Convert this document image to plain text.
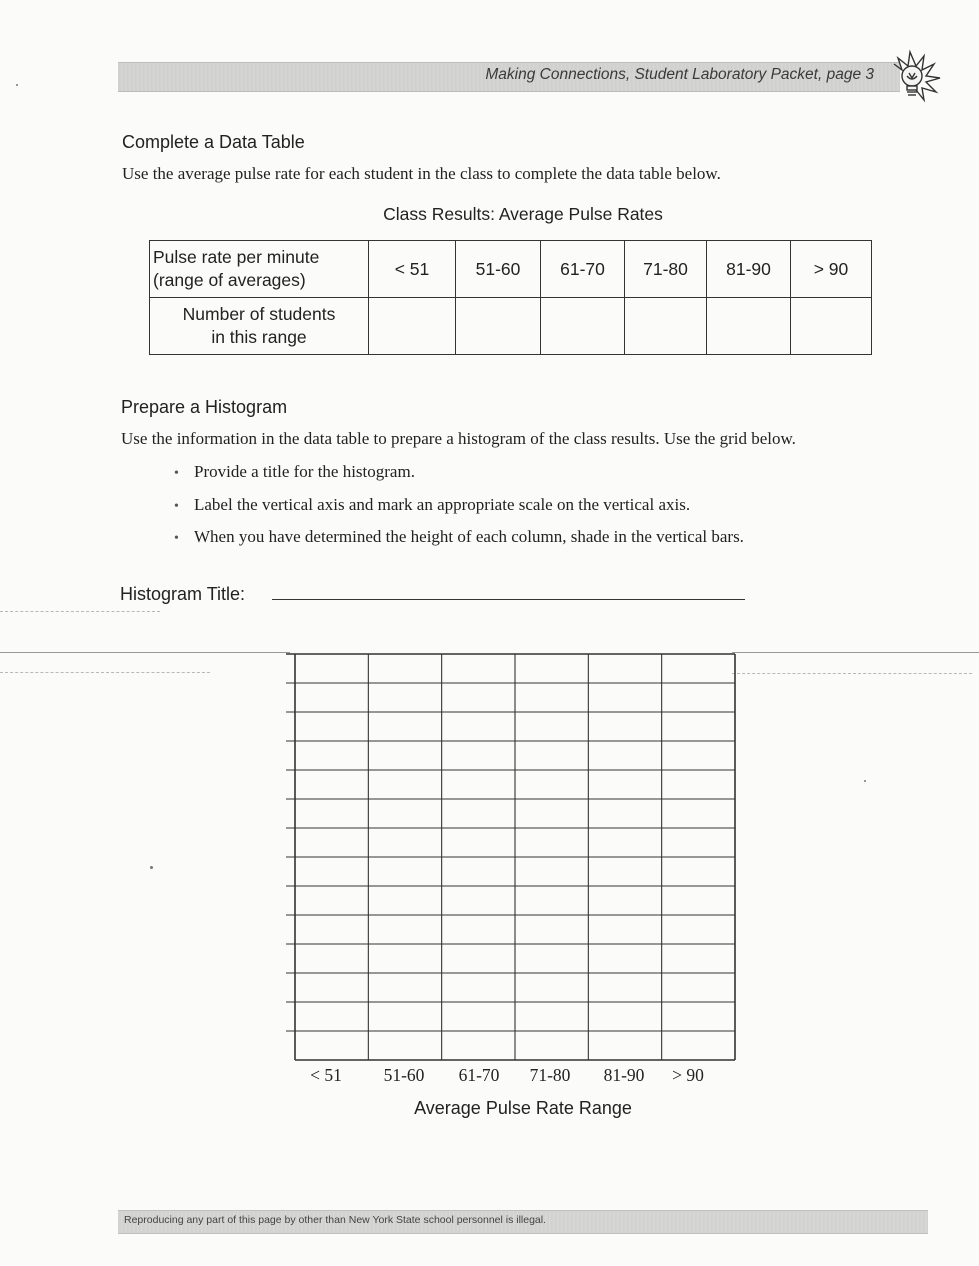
Making Connections, Student Laboratory Packet, page 3
Complete a Data Table
Use the average pulse rate for each student in the class to complete the data table below.
Class Results: Average Pulse Rates
Pulse rate per minute
(range of averages)	< 51	51-60	61-70	71-80	81-90	> 90

Number of students
in this range						

Prepare a Histogram
Use the information in the data table to prepare a histogram of the class results. Use the grid below.
• Provide a title for the histogram.
• Label the vertical axis and mark an appropriate scale on the vertical axis.
• When you have determined the height of each column, shade in the vertical bars.
Histogram Title:
< 51 51-60 61-70 71-80 81-90 > 90
Average Pulse Rate Range
Reproducing any part of this page by other than New York State school personnel is illegal.
